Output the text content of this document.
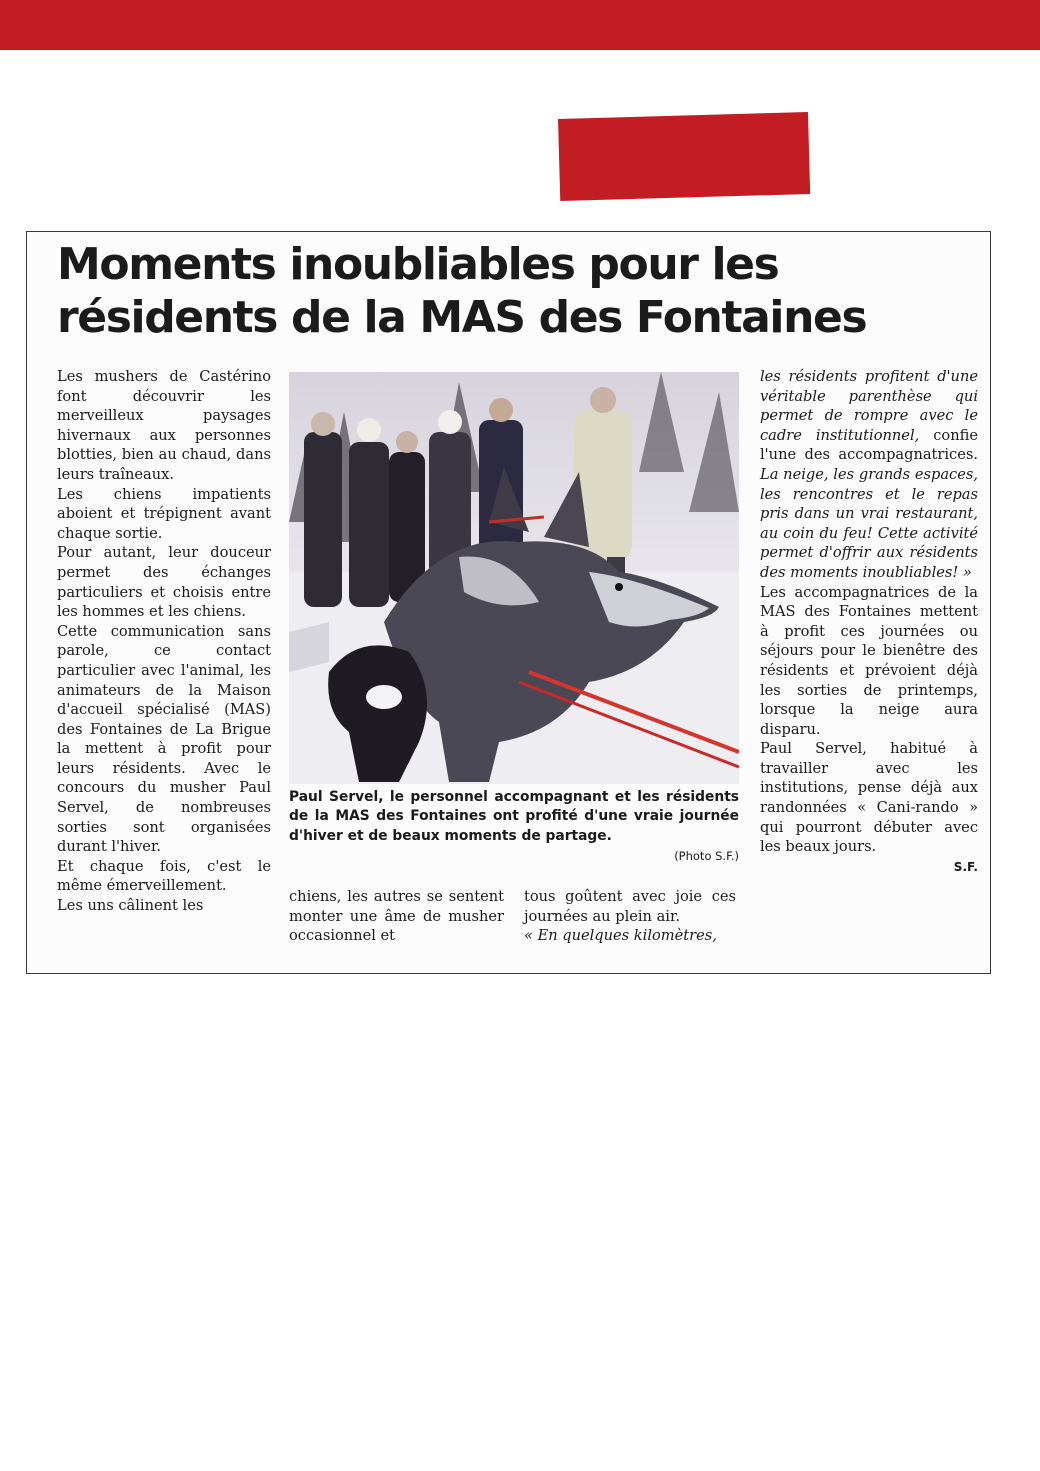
Moments inoubliables pour les
résidents de la MAS des Fontaines

Les mushers de Castérino font découvrir les merveilleux paysages hivernaux aux personnes blotties, bien au chaud, dans leurs traîneaux.

Les chiens impatients aboient et trépignent avant chaque sortie.

Pour autant, leur douceur permet des échanges particuliers et choisis entre les hommes et les chiens.

Cette communication sans parole, ce contact particulier avec l'animal, les animateurs de la Maison d'accueil spécialisé (MAS) des Fontaines de La Brigue la mettent à profit pour leurs résidents. Avec le concours du musher Paul Servel, de nombreuses sorties sont organisées durant l'hiver.

Et chaque fois, c'est le même émerveillement.

Les uns câlinent les

Paul Servel, le personnel accompagnant et les résidents de la MAS des Fontaines ont profité d'une vraie journée d'hiver et de beaux moments de partage.

(Photo S.F.)

chiens, les autres se sentent monter une âme de musher occasionnel et

tous goûtent avec joie ces journées au plein air.

« En quelques kilomètres,

les résidents profitent d'une véritable parenthèse qui permet de rompre avec le cadre institutionnel, confie l'une des accompagnatrices. La neige, les grands espaces, les rencontres et le repas pris dans un vrai restaurant, au coin du feu! Cette activité permet d'offrir aux résidents des moments inoubliables! »

Les accompagnatrices de la MAS des Fontaines mettent à profit ces journées ou séjours pour le bienêtre des résidents et prévoient déjà les sorties de printemps, lorsque la neige aura disparu.

Paul Servel, habitué à travailler avec les institutions, pense déjà aux randonnées « Cani-rando » qui pourront débuter avec les beaux jours.

S.F.
